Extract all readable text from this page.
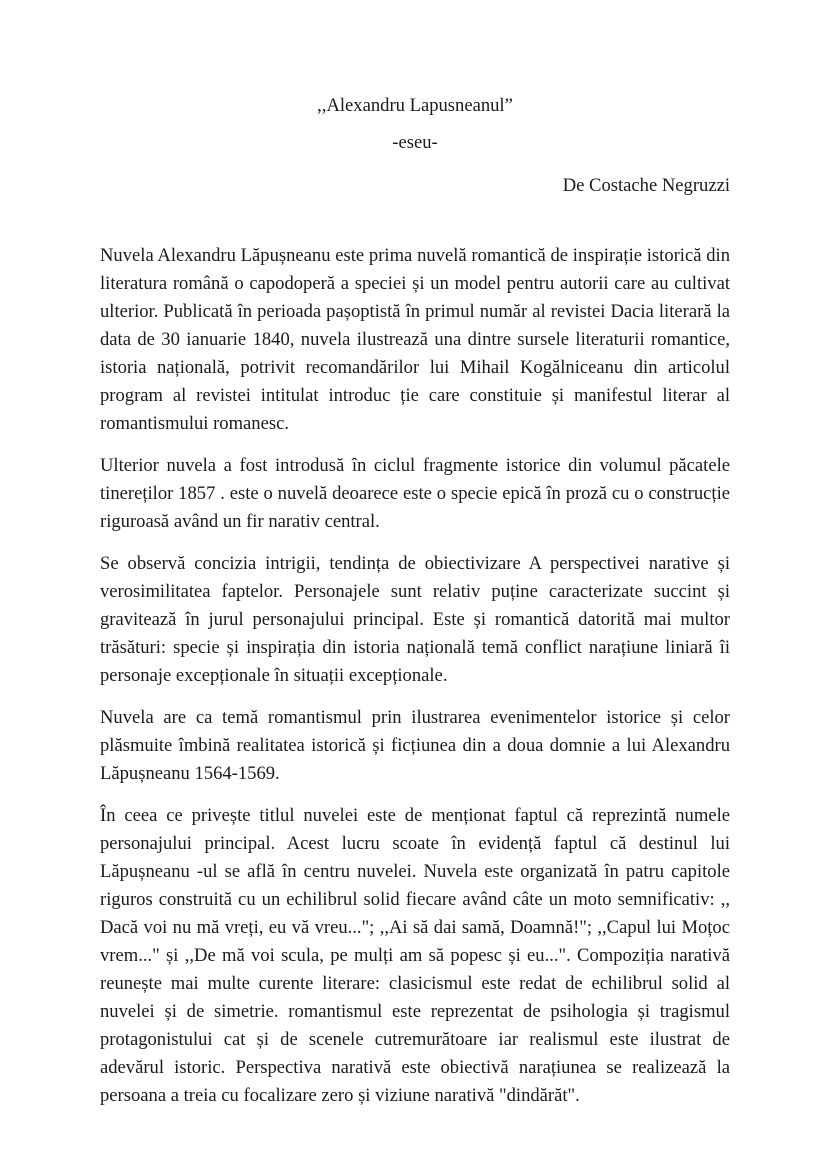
,,Alexandru Lapusneanul”
-eseu-
De Costache Negruzzi

Nuvela Alexandru Lăpușneanu este prima nuvelă romantică de inspirație istorică din literatura română o capodoperă a speciei și un model pentru autorii care au cultivat ulterior. Publicată în perioada pașoptistă în primul număr al revistei Dacia literară la data de 30 ianuarie 1840, nuvela ilustrează una dintre sursele literaturii romantice, istoria națională, potrivit recomandărilor lui Mihail Kogălniceanu din articolul program al revistei intitulat introduc ție care constituie și manifestul literar al romantismului romanesc.

Ulterior nuvela a fost introdusă în ciclul fragmente istorice din volumul păcatele tinereților 1857 . este o nuvelă deoarece este o specie epică în proză cu o construcție riguroasă având un fir narativ central.

Se observă concizia intrigii, tendința de obiectivizare A perspectivei narative și verosimilitatea faptelor. Personajele sunt relativ puține caracterizate succint și gravitează în jurul personajului principal. Este și romantică datorită mai multor trăsături: specie și inspirația din istoria națională temă conflict narațiune liniară îi personaje excepționale în situații excepționale.

Nuvela are ca temă romantismul prin ilustrarea evenimentelor istorice și celor plăsmuite îmbină realitatea istorică și ficțiunea din a doua domnie a lui Alexandru Lăpușneanu 1564-1569.

În ceea ce privește titlul nuvelei este de menționat faptul că reprezintă numele personajului principal. Acest lucru scoate în evidență faptul că destinul lui Lăpușneanu -ul se află în centru nuvelei. Nuvela este organizată în patru capitole riguros construită cu un echilibrul solid fiecare având câte un moto semnificativ: ,, Dacă voi nu mă vreți, eu vă vreu..."; ,,Ai să dai samă, Doamnă!"; ,,Capul lui Moțoc vrem..." și ,,De mă voi scula, pe mulți am să popesc și eu...". Compoziția narativă reunește mai multe curente literare: clasicismul este redat de echilibrul solid al nuvelei și de simetrie. romantismul este reprezentat de psihologia și tragismul protagonistului cat și de scenele cutremurătoare iar realismul este ilustrat de adevărul istoric. Perspectiva narativă este obiectivă narațiunea se realizează la persoana a treia cu focalizare zero și viziune narativă "dindărăt".
